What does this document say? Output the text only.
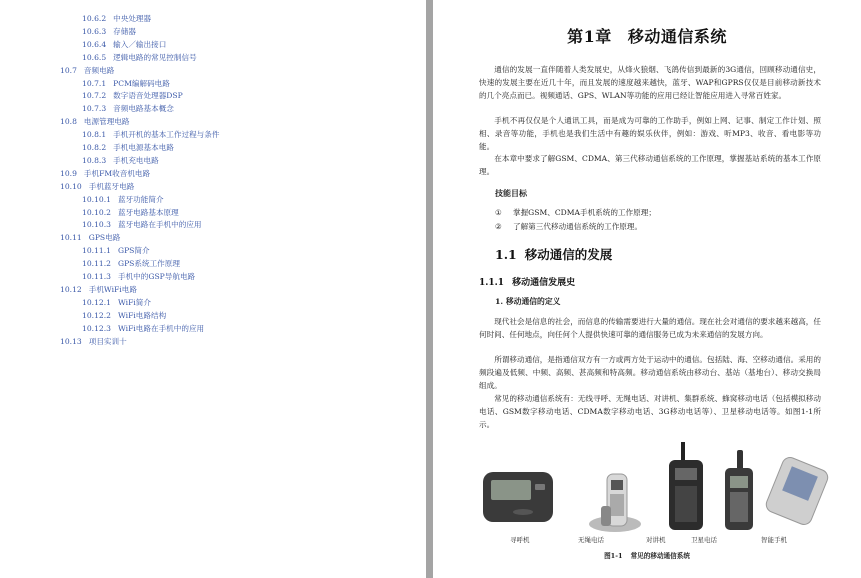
10.6.2 中央处理器
10.6.3 存储器
10.6.4 输入／输出接口
10.6.5 逻辑电路的常见控制信号
10.7 音频电路
10.7.1 PCM编解码电路
10.7.2 数字语音处理器DSP
10.7.3 音频电路基本概念
10.8 电源管理电路
10.8.1 手机开机的基本工作过程与条件
10.8.2 手机电源基本电路
10.8.3 手机充电电路
10.9 手机FM收音机电路
10.10 手机蓝牙电路
10.10.1 蓝牙功能简介
10.10.2 蓝牙电路基本原理
10.10.3 蓝牙电路在手机中的应用
10.11 GPS电路
10.11.1 GPS简介
10.11.2 GPS系统工作原理
10.11.3 手机中的GSP导航电路
10.12 手机WiFi电路
10.12.1 WiFi简介
10.12.2 WiFi电路结构
10.12.3 WiFi电路在手机中的应用
10.13 项目实训十
第1章 移动通信系统
通信的发展一直伴随着人类发展史，从烽火狼烟、飞鸽传信到最新的3G通信，回顾移动通信史，快速的发展主要在近几十年，而且发展的速度越来越快，蓝牙、WAP和GPRS仅仅是目前移动新技术的几个亮点而已。视频通话、GPS、WLAN等功能的应用已经让智能应用进入寻常百姓家。
手机不再仅仅是个人通讯工具，而是成为可靠的工作助手，例如上网、记事、制定工作计划、照相、录音等功能，手机也是我们生活中有趣的娱乐伙伴，例如：游戏、听MP3、收音、看电影等功能。
在本章中要求了解GSM、CDMA、第三代移动通信系统的工作原理，掌握基站系统的基本工作原理。
技能目标
① 掌握GSM、CDMA手机系统的工作原理；
② 了解第三代移动通信系统的工作原理。
1.1 移动通信的发展
1.1.1 移动通信发展史
1. 移动通信的定义
现代社会是信息的社会，而信息的传输需要进行大量的通信。现在社会对通信的要求越来越高，任何时间、任何地点，向任何个人提供快速可靠的通信服务已成为未来通信的发展方向。
所谓移动通信，是指通信双方有一方或两方处于运动中的通信。包括陆、海、空移动通信。采用的频段遍及低频、中频、高频、甚高频和特高频。移动通信系统由移动台、基站（基地台）、移动交换局组成。
常见的移动通信系统有：无线寻呼、无绳电话、对讲机、集群系统、蜂窝移动电话（包括模拟移动电话、GSM数字移动电话、CDMA数字移动电话、3G移动电话等）、卫星移动电话等。如图1-1所示。
寻呼机	无绳电话	对讲机	卫星电话	智能手机
图1-1 常见的移动通信系统
